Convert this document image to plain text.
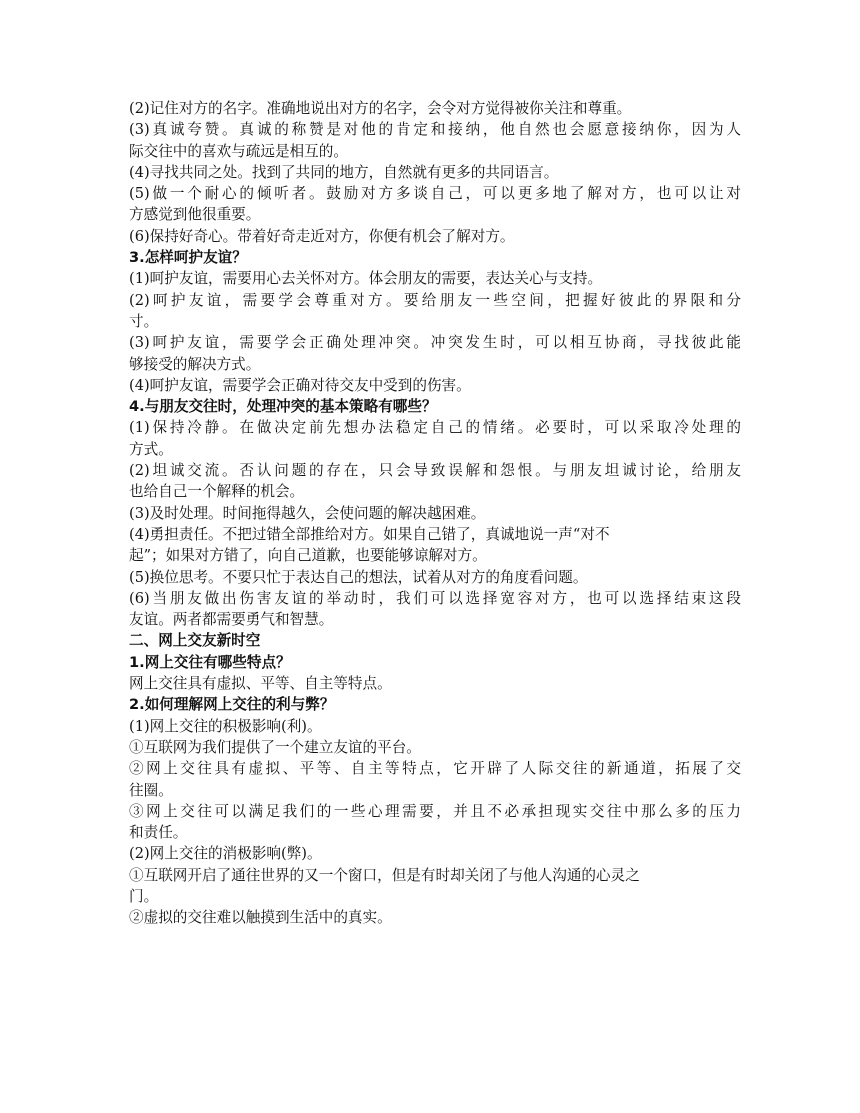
(2)记住对方的名字。准确地说出对方的名字，会令对方觉得被你关注和尊重。
(3)真诚夸赞。真诚的称赞是对他的肯定和接纳，他自然也会愿意接纳你，因为人
际交往中的喜欢与疏远是相互的。
(4)寻找共同之处。找到了共同的地方，自然就有更多的共同语言。
(5)做一个耐心的倾听者。鼓励对方多谈自己，可以更多地了解对方，也可以让对
方感觉到他很重要。
(6)保持好奇心。带着好奇走近对方，你便有机会了解对方。
3.怎样呵护友谊？
(1)呵护友谊，需要用心去关怀对方。体会朋友的需要，表达关心与支持。
(2)呵护友谊，需要学会尊重对方。要给朋友一些空间，把握好彼此的界限和分
寸。
(3)呵护友谊，需要学会正确处理冲突。冲突发生时，可以相互协商，寻找彼此能
够接受的解决方式。
(4)呵护友谊，需要学会正确对待交友中受到的伤害。
4.与朋友交往时，处理冲突的基本策略有哪些？
(1)保持冷静。在做决定前先想办法稳定自己的情绪。必要时，可以采取冷处理的
方式。
(2)坦诚交流。否认问题的存在，只会导致误解和怨恨。与朋友坦诚讨论，给朋友
也给自己一个解释的机会。
(3)及时处理。时间拖得越久，会使问题的解决越困难。
(4)勇担责任。不把过错全部推给对方。如果自己错了，真诚地说一声“对不
起”；如果对方错了，向自己道歉，也要能够谅解对方。
(5)换位思考。不要只忙于表达自己的想法，试着从对方的角度看问题。
(6)当朋友做出伤害友谊的举动时，我们可以选择宽容对方，也可以选择结束这段
友谊。两者都需要勇气和智慧。
二、网上交友新时空
1.网上交往有哪些特点？
网上交往具有虚拟、平等、自主等特点。
2.如何理解网上交往的利与弊？
(1)网上交往的积极影响(利)。
①互联网为我们提供了一个建立友谊的平台。
②网上交往具有虚拟、平等、自主等特点，它开辟了人际交往的新通道，拓展了交
往圈。
③网上交往可以满足我们的一些心理需要，并且不必承担现实交往中那么多的压力
和责任。
(2)网上交往的消极影响(弊)。
①互联网开启了通往世界的又一个窗口，但是有时却关闭了与他人沟通的心灵之
门。
②虚拟的交往难以触摸到生活中的真实。
